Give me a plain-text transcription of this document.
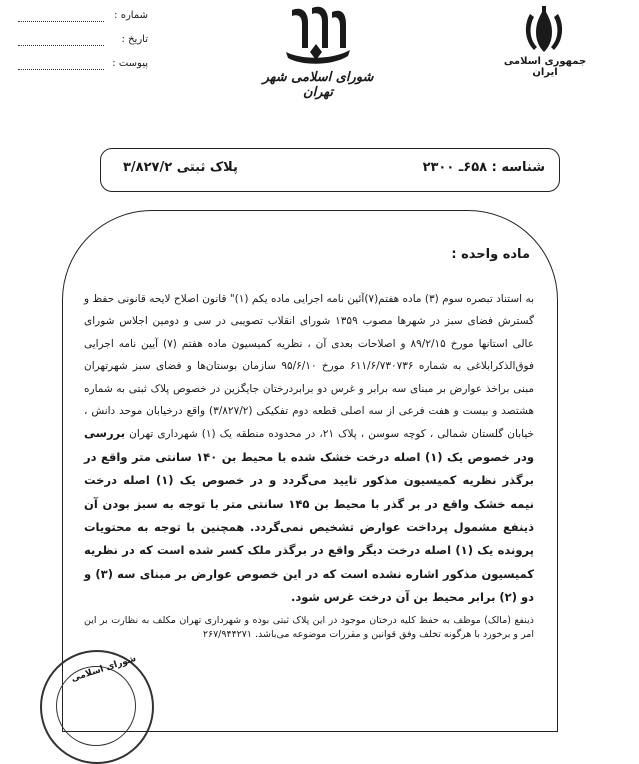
شماره :
تاریخ :
پیوست :	جمهوری اسلامی ایران
شورای اسلامی شهر تهران
شناسه : ۶۵۸ـ ۲۳۰۰
پلاک ثبتی ۳/۸۲۷/۲
ماده واحده :

به استناد تبصره سوم (۳) ماده هفتم(۷)آئین نامه اجرایی ماده یکم (۱)" قانون اصلاح لایحه قانونی حفظ و گسترش فضای سبز در شهرها مصوب ۱۳۵۹ شورای انقلاب تصویبی در سی و دومین اجلاس شورای عالی استانها مورخ ۸۹/۲/۱۵ و اصلاحات بعدی آن ، نظریه کمیسیون ماده هفتم (۷) آیین نامه اجرایی فوق‌الذکرابلاغی به شماره ۶۱۱/۶/۷۳۰۷۳۶ مورخ ۹۵/۶/۱۰ سازمان بوستان‌ها و فضای سبز شهرتهران مبنی براخذ عوارض بر مبنای سه برابر و غرس دو برابردرختان جایگزین در خصوص پلاک ثبتی به شماره هشتصد و بیست و هفت فرعی از سه اصلی قطعه دوم تفکیکی (۳/۸۲۷/۲) واقع درخیابان موحد دانش ، خیابان گلستان شمالی ، کوچه سوسن ، پلاک ۲۱، در محدوده منطقه یک (۱) شهرداری تهران بررسی ودر خصوص یک (۱) اصله درخت خشک شده با محیط بن ۱۴۰ سانتی متر واقع در برگذر نظریه کمیسیون مذکور تایید می‌گردد و در خصوص یک (۱) اصله درخت نیمه خشک واقع در بر گذر با محیط بن ۱۴۵ سانتی متر با توجه به سبز بودن آن ذینفع مشمول پرداخت عوارض تشخیص نمی‌گردد. همچنین با توجه به محتویات پرونده یک (۱) اصله درخت دیگر واقع در برگذر ملک کسر شده است که در نظریه کمیسیون مذکور اشاره نشده است که در این خصوص عوارض بر مبنای سه (۳) و دو (۲) برابر محیط بن آن درخت غرس شود.

ذینفع (مالک) موظف به حفظ کلیه درختان موجود در این پلاک ثبتی بوده و شهرداری تهران مکلف به نظارت بر این امر و برخورد با هرگونه تخلف وفق قوانین و مقررات موضوعه می‌باشد. ۲۶۷/۹۴۴۲۷۱

شورای اسلامی
